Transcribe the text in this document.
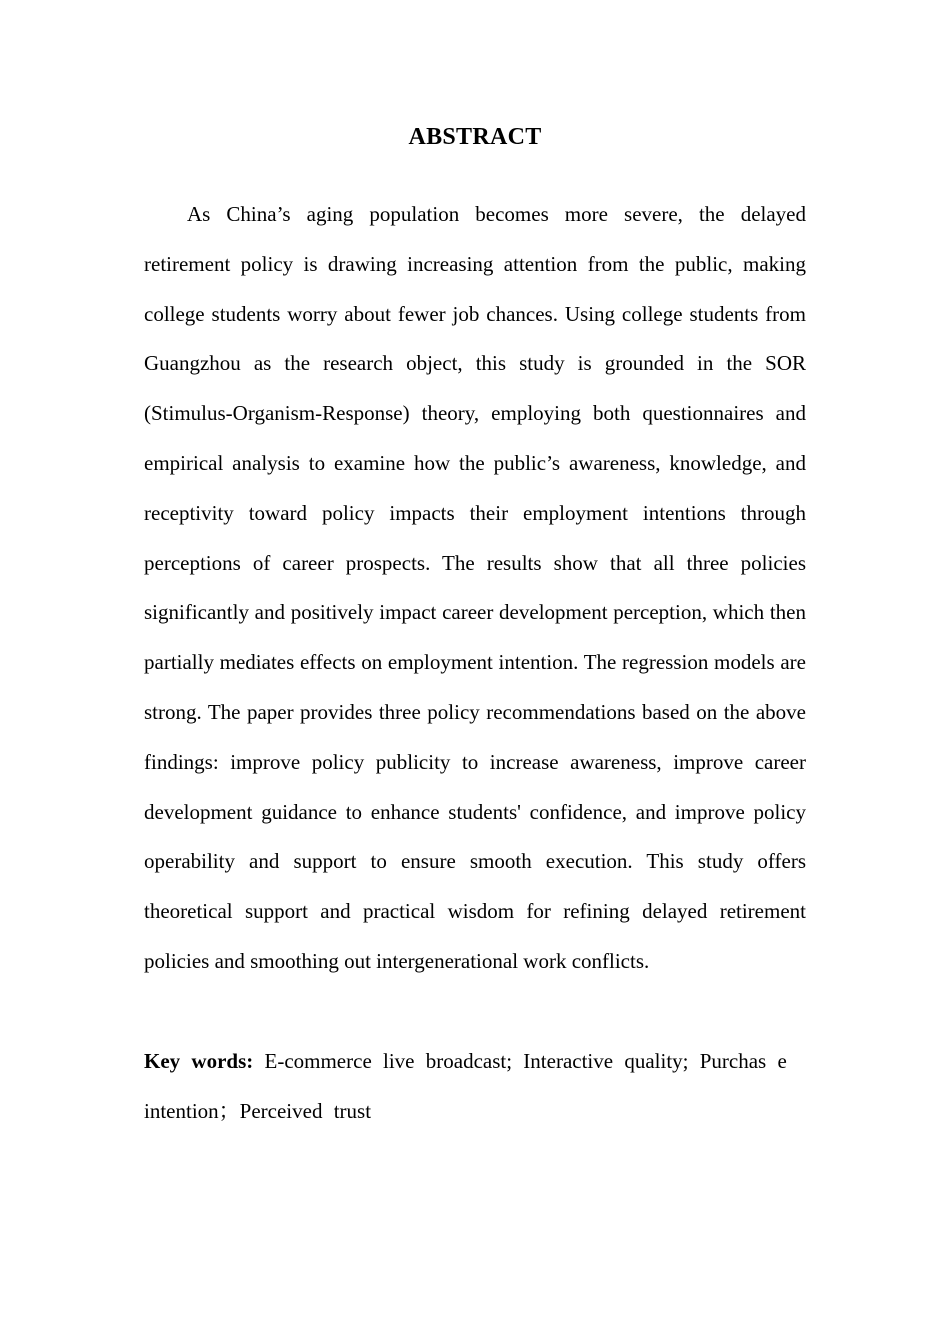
ABSTRACT

As China’s aging population becomes more severe, the delayed retirement policy is drawing increasing attention from the public, making college students worry about fewer job chances. Using college students from Guangzhou as the research object, this study is grounded in the SOR (Stimulus-Organism-Response) theory, employing both questionnaires and empirical analysis to examine how the public’s awareness, knowledge, and receptivity toward policy impacts their employment intentions through perceptions of career prospects. The results show that all three policies significantly and positively impact career development perception, which then partially mediates effects on employment intention. The regression models are strong. The paper provides three policy recommendations based on the above findings: improve policy publicity to increase awareness, improve career development guidance to enhance students' confidence, and improve policy operability and support to ensure smooth execution. This study offers theoretical support and practical wisdom for refining delayed retirement policies and smoothing out intergenerational work conflicts.

Key words: E-commerce live broadcast; Interactive quality; Purchas e intention；Perceived trust
